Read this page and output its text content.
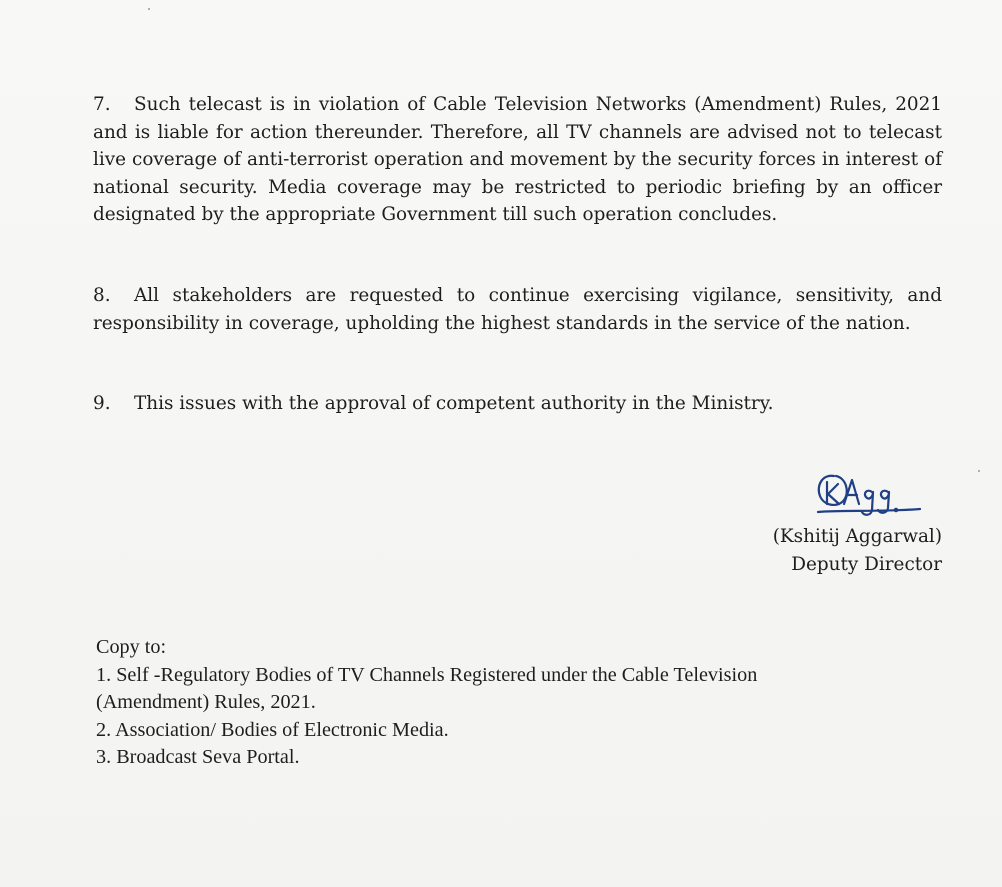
7. Such telecast is in violation of Cable Television Networks (Amendment) Rules, 2021 and is liable for action thereunder. Therefore, all TV channels are advised not to telecast live coverage of anti-terrorist operation and movement by the security forces in interest of national security. Media coverage may be restricted to periodic briefing by an officer designated by the appropriate Government till such operation concludes.

8. All stakeholders are requested to continue exercising vigilance, sensitivity, and responsibility in coverage, upholding the highest standards in the service of the nation.

9. This issues with the approval of competent authority in the Ministry.

(Kshitij Aggarwal)
Deputy Director
Copy to:
1. Self -Regulatory Bodies of TV Channels Registered under the Cable Television
(Amendment) Rules, 2021.
2. Association/ Bodies of Electronic Media.
3. Broadcast Seva Portal.
